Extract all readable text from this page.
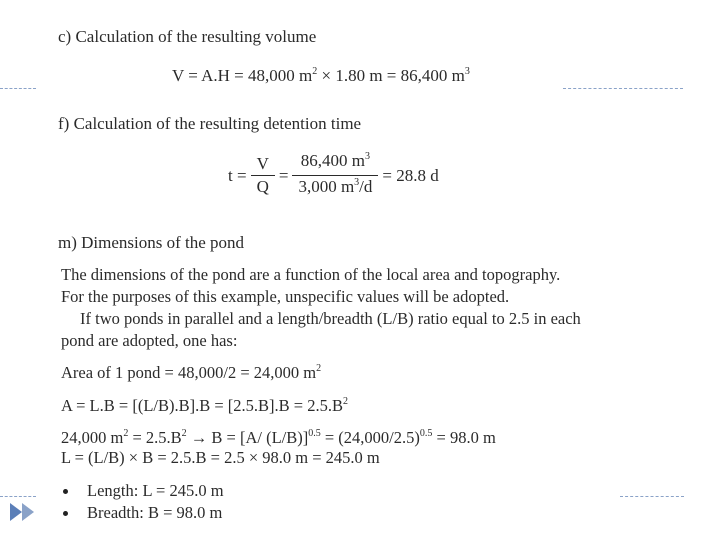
c) Calculation of the resulting volume
V = A.H = 48,000 $m^2 \times 1.80$ m = 86,400 $m^3$
f) Calculation of the resulting detention time
$t = \frac{V}{Q} = \frac{86,400 m^3}{3,000 m^3/d} = 28.8$ d
m) Dimensions of the pond
The dimensions of the pond are a function of the local area and topography.
For the purposes of this example, unspecific values will be adopted.
If two ponds in parallel and a length/breadth (L/B) ratio equal to 2.5 in each
pond are adopted, one has:
Area of 1 pond = 48,000/2 = 24,000 $m^2$
$A = L.B = [(L/B).B].B = [2.5.B].B = 2.5.B^2$
24,000 $m^2 = 2.5.B^2 \to B = [A/$ $(L/B)]^{0.5} = (24,000/2.5)^{0.5} = 98.0$ m
L = (L/B) × B = 2.5.B = 2.5 × 98.0 m = 245.0 m
Length: L = 245.0 m
Breadth: B = 98.0 m
